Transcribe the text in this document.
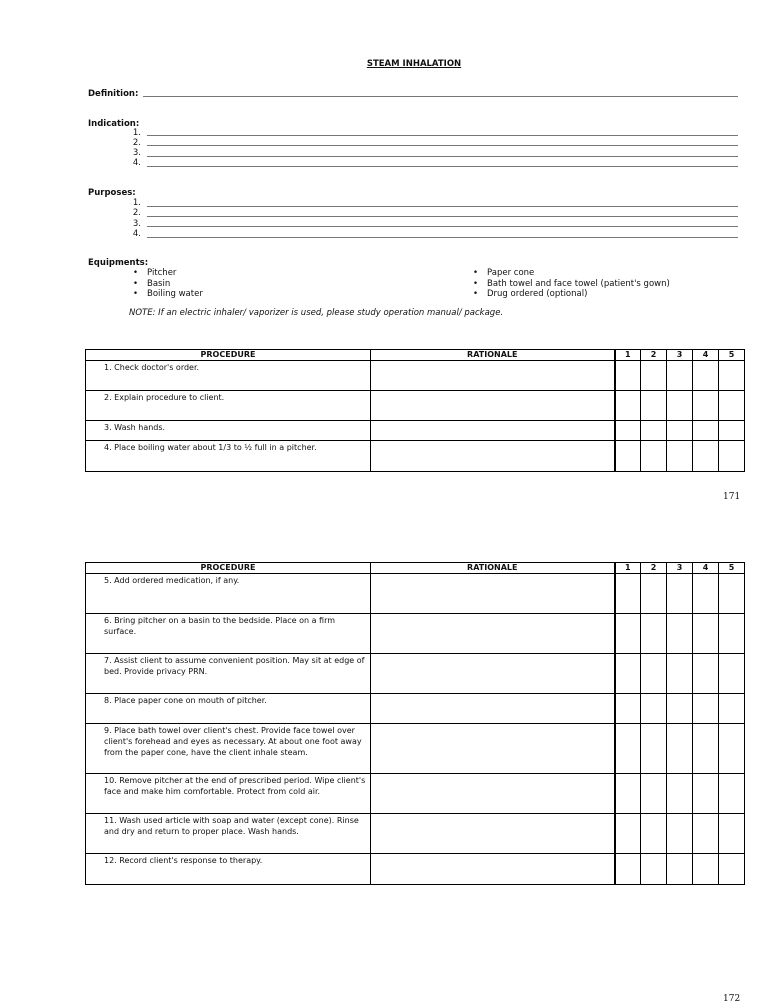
STEAM INHALATION
Definition:
Indication:
1.
2.
3.
4.
Purposes:
1.
2.
3.
4.
Equipments:
• Pitcher
• Basin
• Boiling water
• Paper cone
• Bath towel and face towel (patient's gown)
• Drug ordered (optional)
NOTE: If an electric inhaler/ vaporizer is used, please study operation manual/ package.
PROCEDURE	RATIONALE	1	2	3	4	5
1. Check doctor's order.						
2. Explain procedure to client.						
3. Wash hands.						
4. Place boiling water about 1/3 to ½ full in a pitcher.						
171
PROCEDURE	RATIONALE	1	2	3	4	5
5. Add ordered medication, if any.						
6. Bring pitcher on a basin to the bedside. Place on a firm surface.						
7. Assist client to assume convenient position. May sit at edge of bed. Provide privacy PRN.						
8. Place paper cone on mouth of pitcher.						
9. Place bath towel over client's chest. Provide face towel over client's forehead and eyes as necessary. At about one foot away from the paper cone, have the client inhale steam.						
10. Remove pitcher at the end of prescribed period. Wipe client's face and make him comfortable. Protect from cold air.						
11. Wash used article with soap and water (except cone). Rinse and dry and return to proper place. Wash hands.						
12. Record client's response to therapy.						
172
